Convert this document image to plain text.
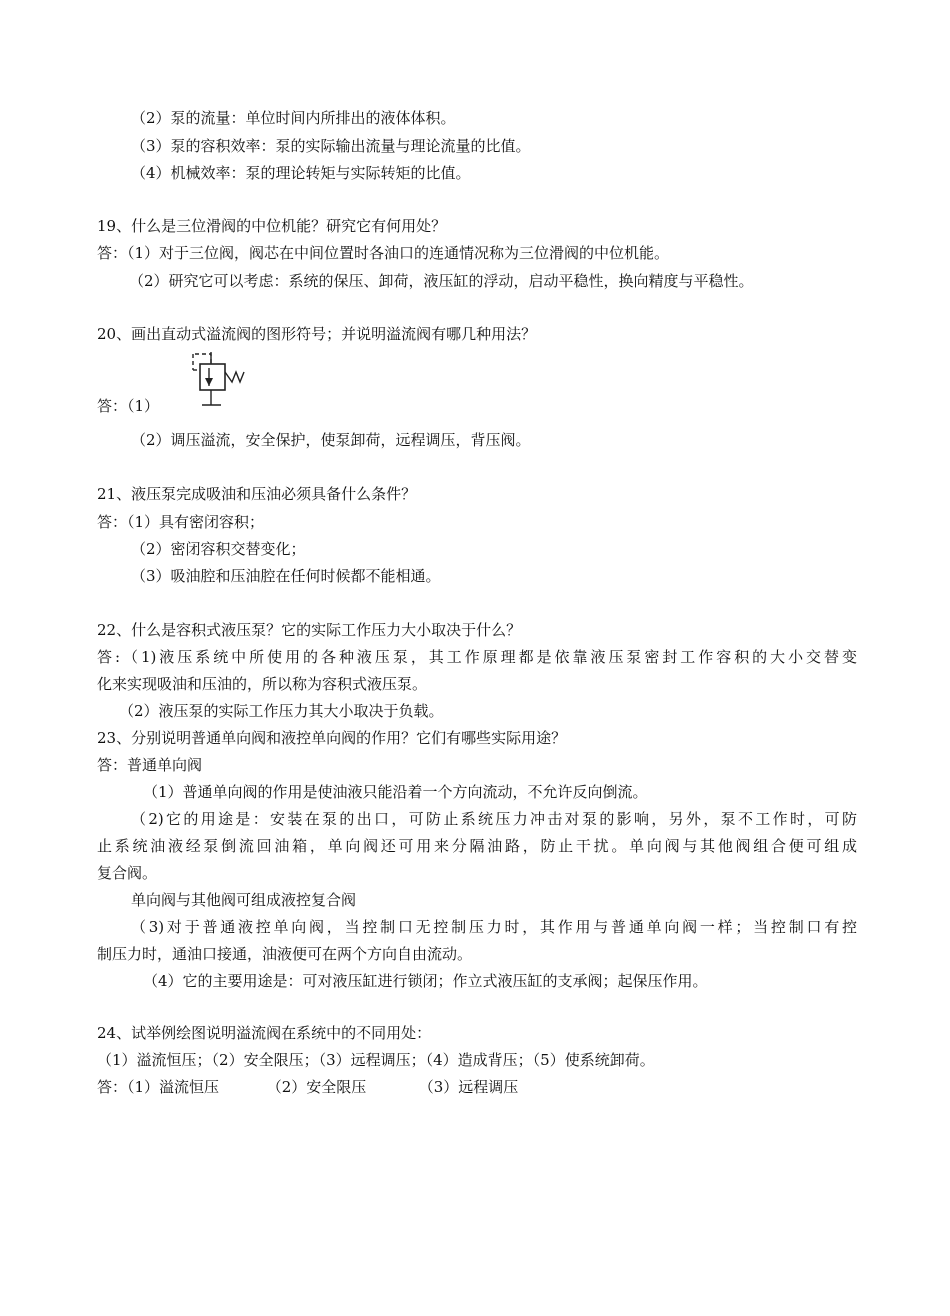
（2）泵的流量：单位时间内所排出的液体体积。
（3）泵的容积效率：泵的实际输出流量与理论流量的比值。
（4）机械效率：泵的理论转矩与实际转矩的比值。
19、什么是三位滑阀的中位机能？研究它有何用处？
答：（1）对于三位阀，阀芯在中间位置时各油口的连通情况称为三位滑阀的中位机能。
（2）研究它可以考虑：系统的保压、卸荷，液压缸的浮动，启动平稳性，换向精度与平稳性。
20、画出直动式溢流阀的图形符号；并说明溢流阀有哪几种用法？
答：（1）
（2）调压溢流，安全保护，使泵卸荷，远程调压，背压阀。
21、液压泵完成吸油和压油必须具备什么条件？
答：（1）具有密闭容积；
（2）密闭容积交替变化；
（3）吸油腔和压油腔在任何时候都不能相通。
22、什么是容积式液压泵？它的实际工作压力大小取决于什么？
答:（1)液压系统中所使用的各种液压泵，其工作原理都是依靠液压泵密封工作容积的大小交替变
化来实现吸油和压油的，所以称为容积式液压泵。
（2）液压泵的实际工作压力其大小取决于负载。
23、分别说明普通单向阀和液控单向阀的作用？它们有哪些实际用途？
答：普通单向阀
（1）普通单向阀的作用是使油液只能沿着一个方向流动，不允许反向倒流。
（2)它的用途是：安装在泵的出口，可防止系统压力冲击对泵的影响，另外，泵不工作时，可防
止系统油液经泵倒流回油箱，单向阀还可用来分隔油路，防止干扰。单向阀与其他阀组合便可组成
复合阀。
单向阀与其他阀可组成液控复合阀
（3)对于普通液控单向阀，当控制口无控制压力时，其作用与普通单向阀一样；当控制口有控
制压力时，通油口接通，油液便可在两个方向自由流动。
（4）它的主要用途是：可对液压缸进行锁闭；作立式液压缸的支承阀；起保压作用。
24、试举例绘图说明溢流阀在系统中的不同用处：
（1）溢流恒压；（2）安全限压；（3）远程调压；（4）造成背压；（5）使系统卸荷。
答：（1）溢流恒压          （2）安全限压           （3）远程调压
